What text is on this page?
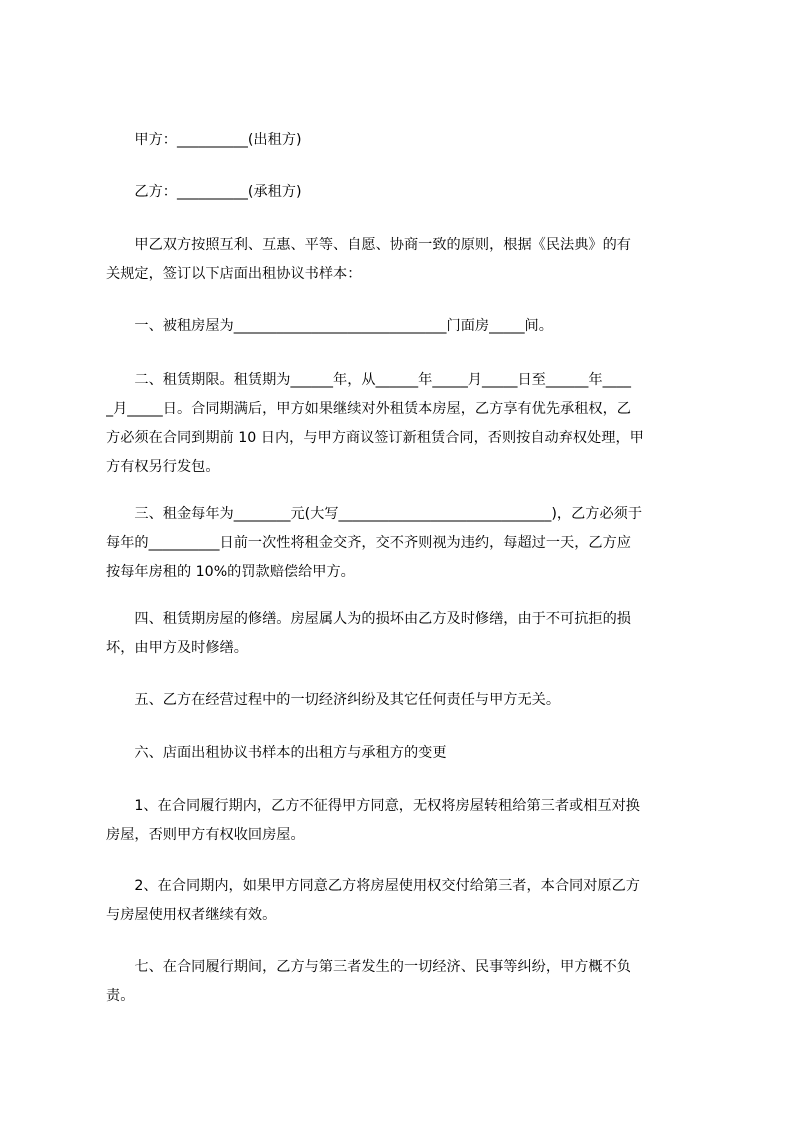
　　甲方：__________(出租方)
　　乙方：__________(承租方)
　　甲乙双方按照互利、互惠、平等、自愿、协商一致的原则，根据《民法典》的有
关规定，签订以下店面出租协议书样本：
　　一、被租房屋为______________________________门面房_____间。
　　二、租赁期限。租赁期为______年，从______年_____月_____日至______年____
_月_____日。合同期满后，甲方如果继续对外租赁本房屋，乙方享有优先承租权，乙
方必须在合同到期前 10 日内，与甲方商议签订新租赁合同，否则按自动弃权处理，甲
方有权另行发包。
　　三、租金每年为________元(大写______________________________)，乙方必须于
每年的__________日前一次性将租金交齐，交不齐则视为违约，每超过一天，乙方应
按每年房租的 10%的罚款赔偿给甲方。
　　四、租赁期房屋的修缮。房屋属人为的损坏由乙方及时修缮，由于不可抗拒的损
坏，由甲方及时修缮。
　　五、乙方在经营过程中的一切经济纠纷及其它任何责任与甲方无关。
　　六、店面出租协议书样本的出租方与承租方的变更
　　1、在合同履行期内，乙方不征得甲方同意，无权将房屋转租给第三者或相互对换
房屋，否则甲方有权收回房屋。
　　2、在合同期内，如果甲方同意乙方将房屋使用权交付给第三者，本合同对原乙方
与房屋使用权者继续有效。
　　七、在合同履行期间，乙方与第三者发生的一切经济、民事等纠纷，甲方概不负
责。
